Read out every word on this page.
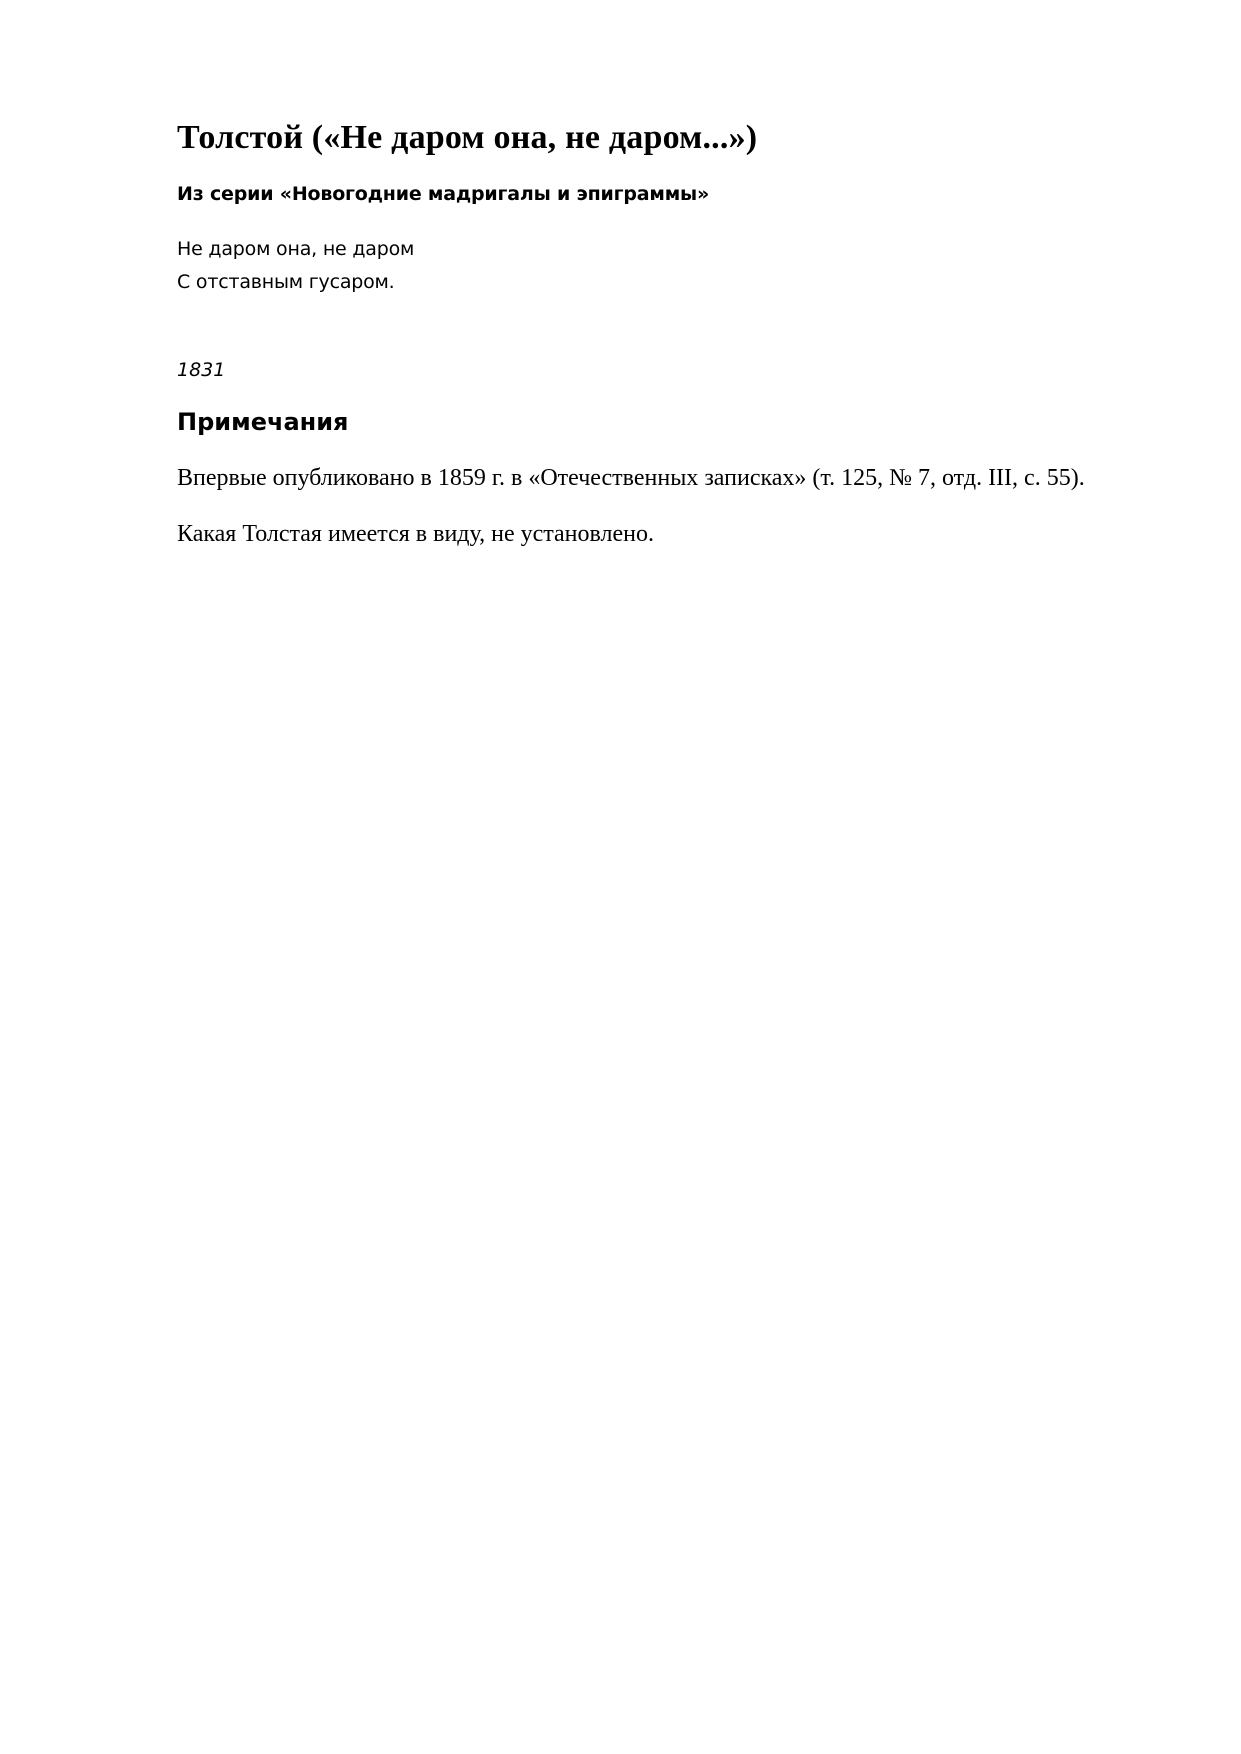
Толстой («Не даром она, не даром...»)
Из серии «Новогодние мадригалы и эпиграммы»
Не даром она, не даром
С отставным гусаром.
1831
Примечания

Впервые опубликовано в 1859 г. в «Отечественных записках» (т. 125, № 7, отд. III, с. 55).

Какая Толстая имеется в виду, не установлено.
